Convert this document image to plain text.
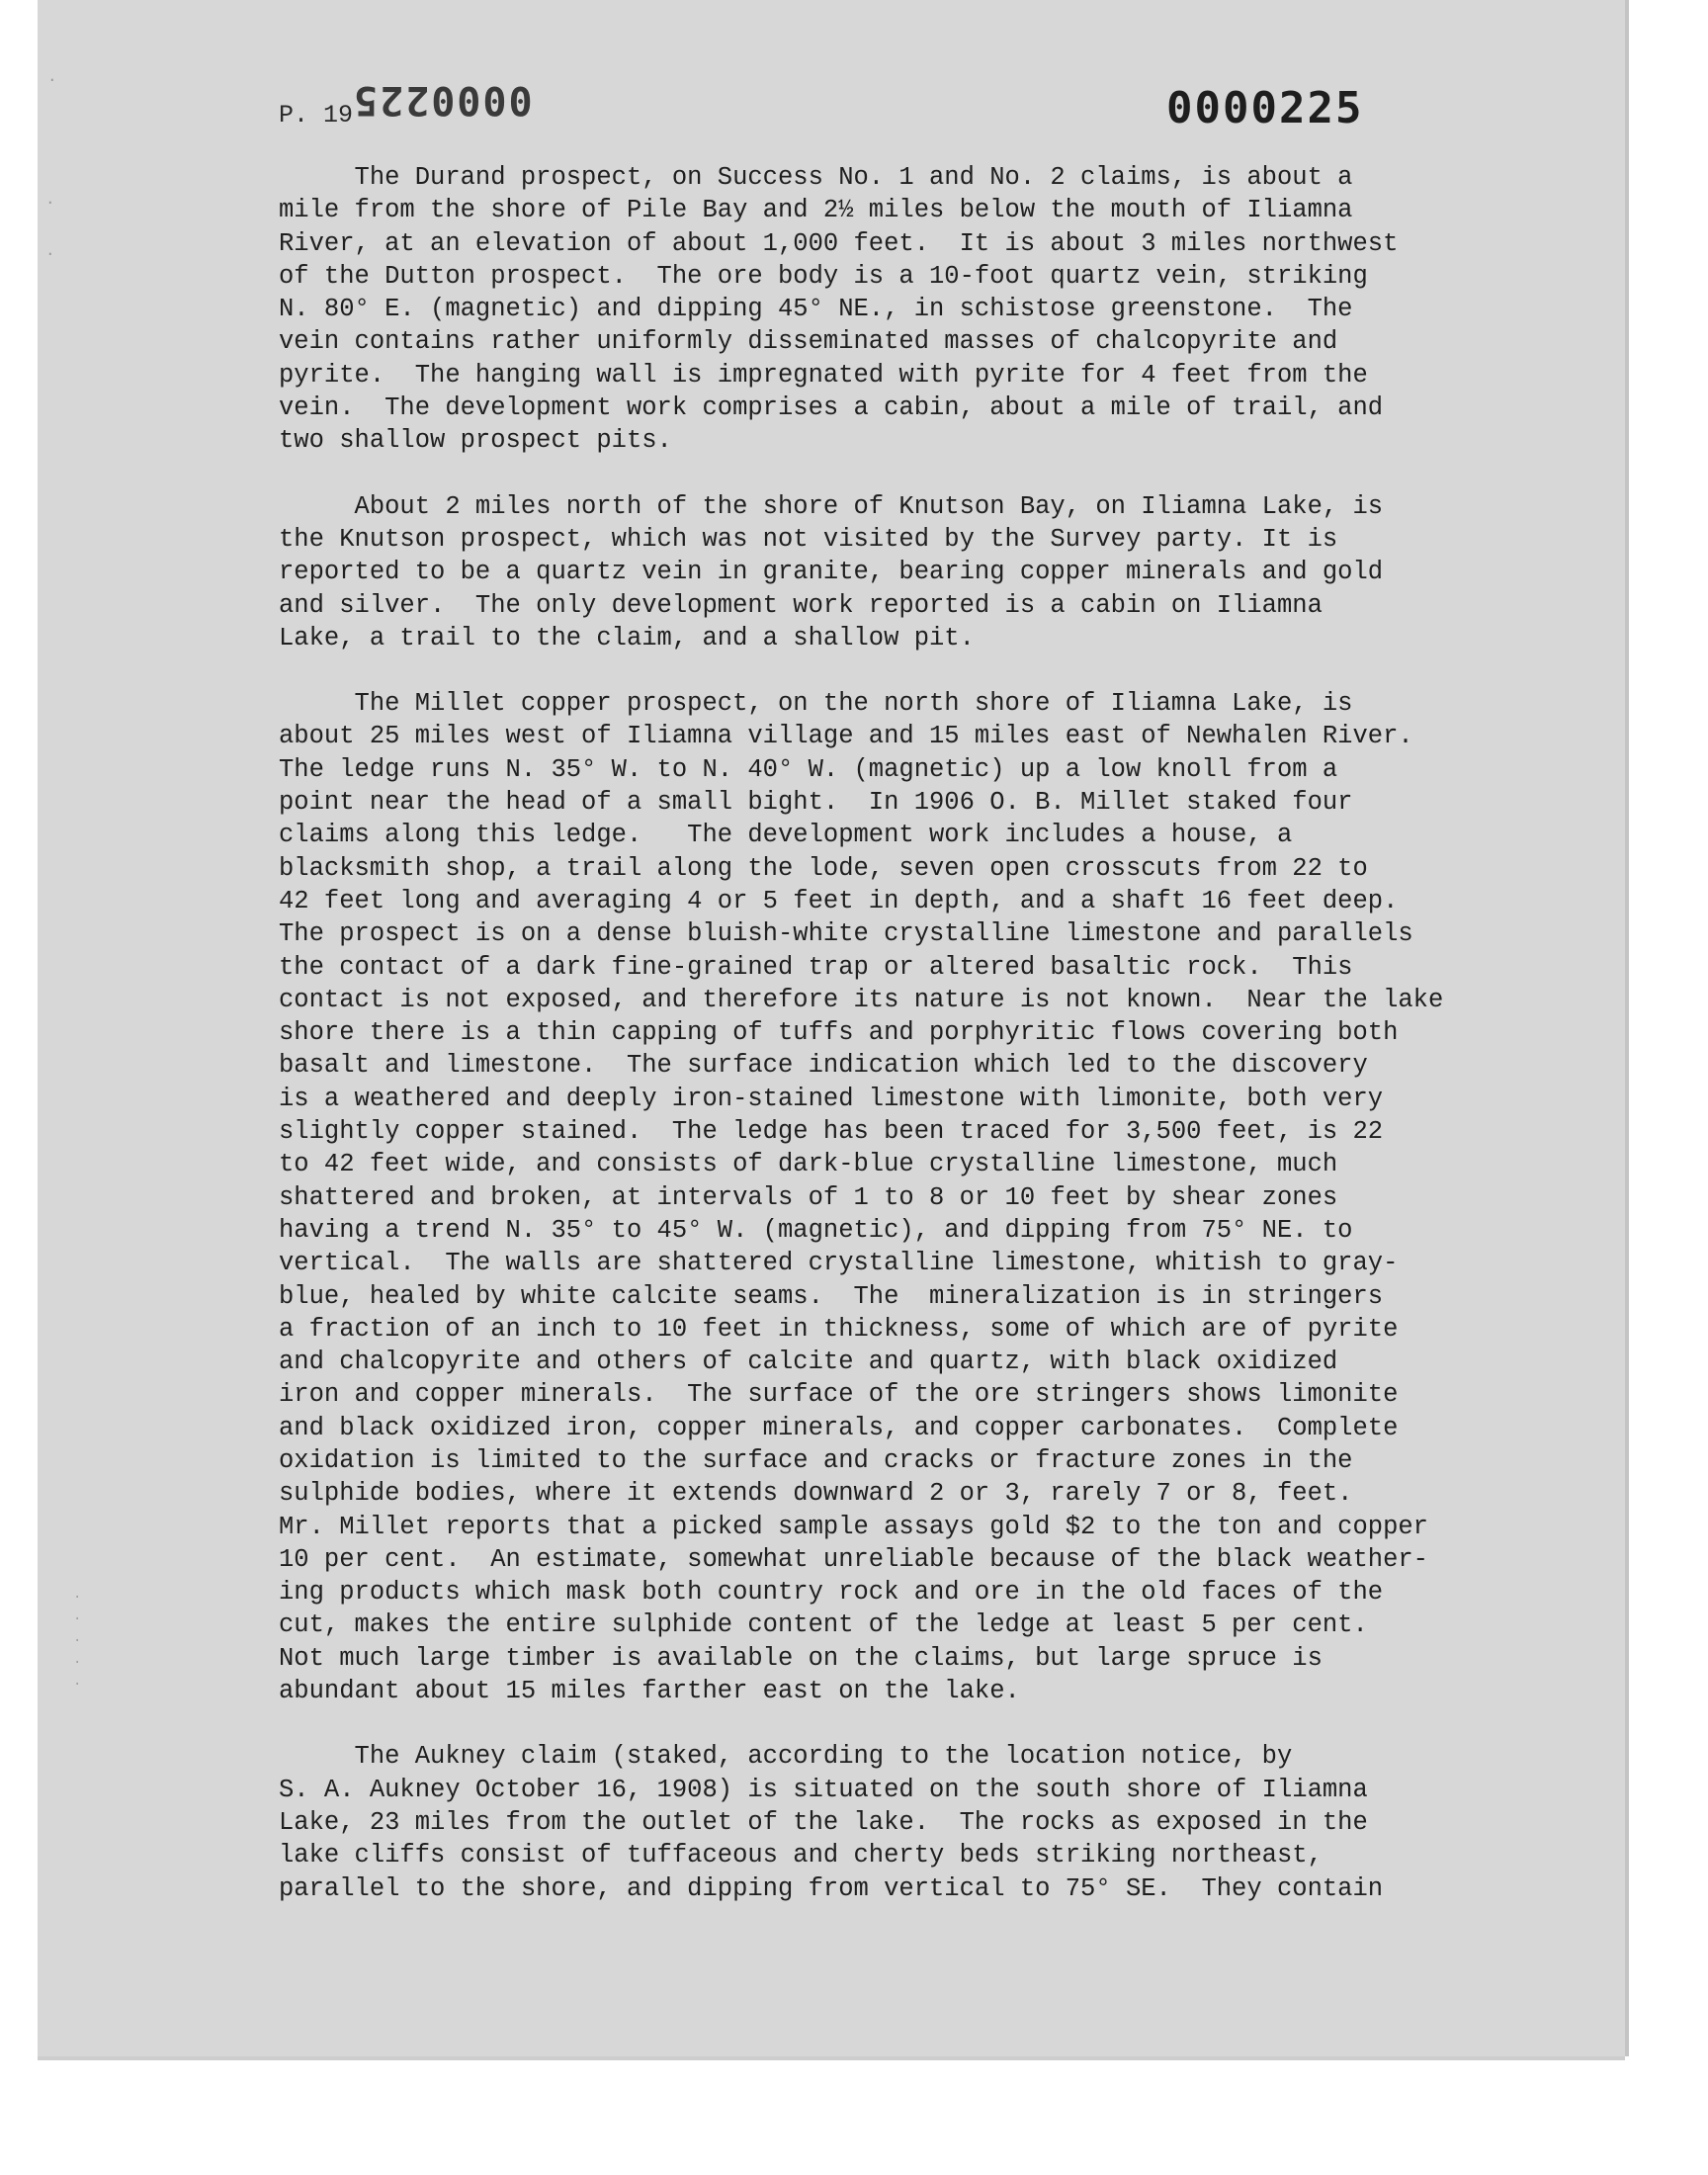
·
·
·
P. 19
0000225	0000225
The Durand prospect, on Success No. 1 and No. 2 claims, is about a
mile from the shore of Pile Bay and 2½ miles below the mouth of Iliamna
River, at an elevation of about 1,000 feet.  It is about 3 miles northwest
of the Dutton prospect.  The ore body is a 10-foot quartz vein, striking
N. 80° E. (magnetic) and dipping 45° NE., in schistose greenstone.  The
vein contains rather uniformly disseminated masses of chalcopyrite and
pyrite.  The hanging wall is impregnated with pyrite for 4 feet from the
vein.  The development work comprises a cabin, about a mile of trail, and
two shallow prospect pits.
About 2 miles north of the shore of Knutson Bay, on Iliamna Lake, is
the Knutson prospect, which was not visited by the Survey party. It is
reported to be a quartz vein in granite, bearing copper minerals and gold
and silver.  The only development work reported is a cabin on Iliamna
Lake, a trail to the claim, and a shallow pit.
The Millet copper prospect, on the north shore of Iliamna Lake, is
about 25 miles west of Iliamna village and 15 miles east of Newhalen River.
The ledge runs N. 35° W. to N. 40° W. (magnetic) up a low knoll from a
point near the head of a small bight.  In 1906 O. B. Millet staked four
claims along this ledge.   The development work includes a house, a
blacksmith shop, a trail along the lode, seven open crosscuts from 22 to
42 feet long and averaging 4 or 5 feet in depth, and a shaft 16 feet deep.
The prospect is on a dense bluish-white crystalline limestone and parallels
the contact of a dark fine-grained trap or altered basaltic rock.  This
contact is not exposed, and therefore its nature is not known.  Near the lake
shore there is a thin capping of tuffs and porphyritic flows covering both
basalt and limestone.  The surface indication which led to the discovery
is a weathered and deeply iron-stained limestone with limonite, both very
slightly copper stained.  The ledge has been traced for 3,500 feet, is 22
to 42 feet wide, and consists of dark-blue crystalline limestone, much
shattered and broken, at intervals of 1 to 8 or 10 feet by shear zones
having a trend N. 35° to 45° W. (magnetic), and dipping from 75° NE. to
vertical.  The walls are shattered crystalline limestone, whitish to gray-
blue, healed by white calcite seams.  The  mineralization is in stringers
a fraction of an inch to 10 feet in thickness, some of which are of pyrite
and chalcopyrite and others of calcite and quartz, with black oxidized
iron and copper minerals.  The surface of the ore stringers shows limonite
and black oxidized iron, copper minerals, and copper carbonates.  Complete
oxidation is limited to the surface and cracks or fracture zones in the
sulphide bodies, where it extends downward 2 or 3, rarely 7 or 8, feet.
Mr. Millet reports that a picked sample assays gold $2 to the ton and copper
10 per cent.  An estimate, somewhat unreliable because of the black weather-
ing products which mask both country rock and ore in the old faces of the
cut, makes the entire sulphide content of the ledge at least 5 per cent.
Not much large timber is available on the claims, but large spruce is
abundant about 15 miles farther east on the lake.
The Aukney claim (staked, according to the location notice, by
S. A. Aukney October 16, 1908) is situated on the south shore of Iliamna
Lake, 23 miles from the outlet of the lake.  The rocks as exposed in the
lake cliffs consist of tuffaceous and cherty beds striking northeast,
parallel to the shore, and dipping from vertical to 75° SE.  They contain
·
·
·
·
·
